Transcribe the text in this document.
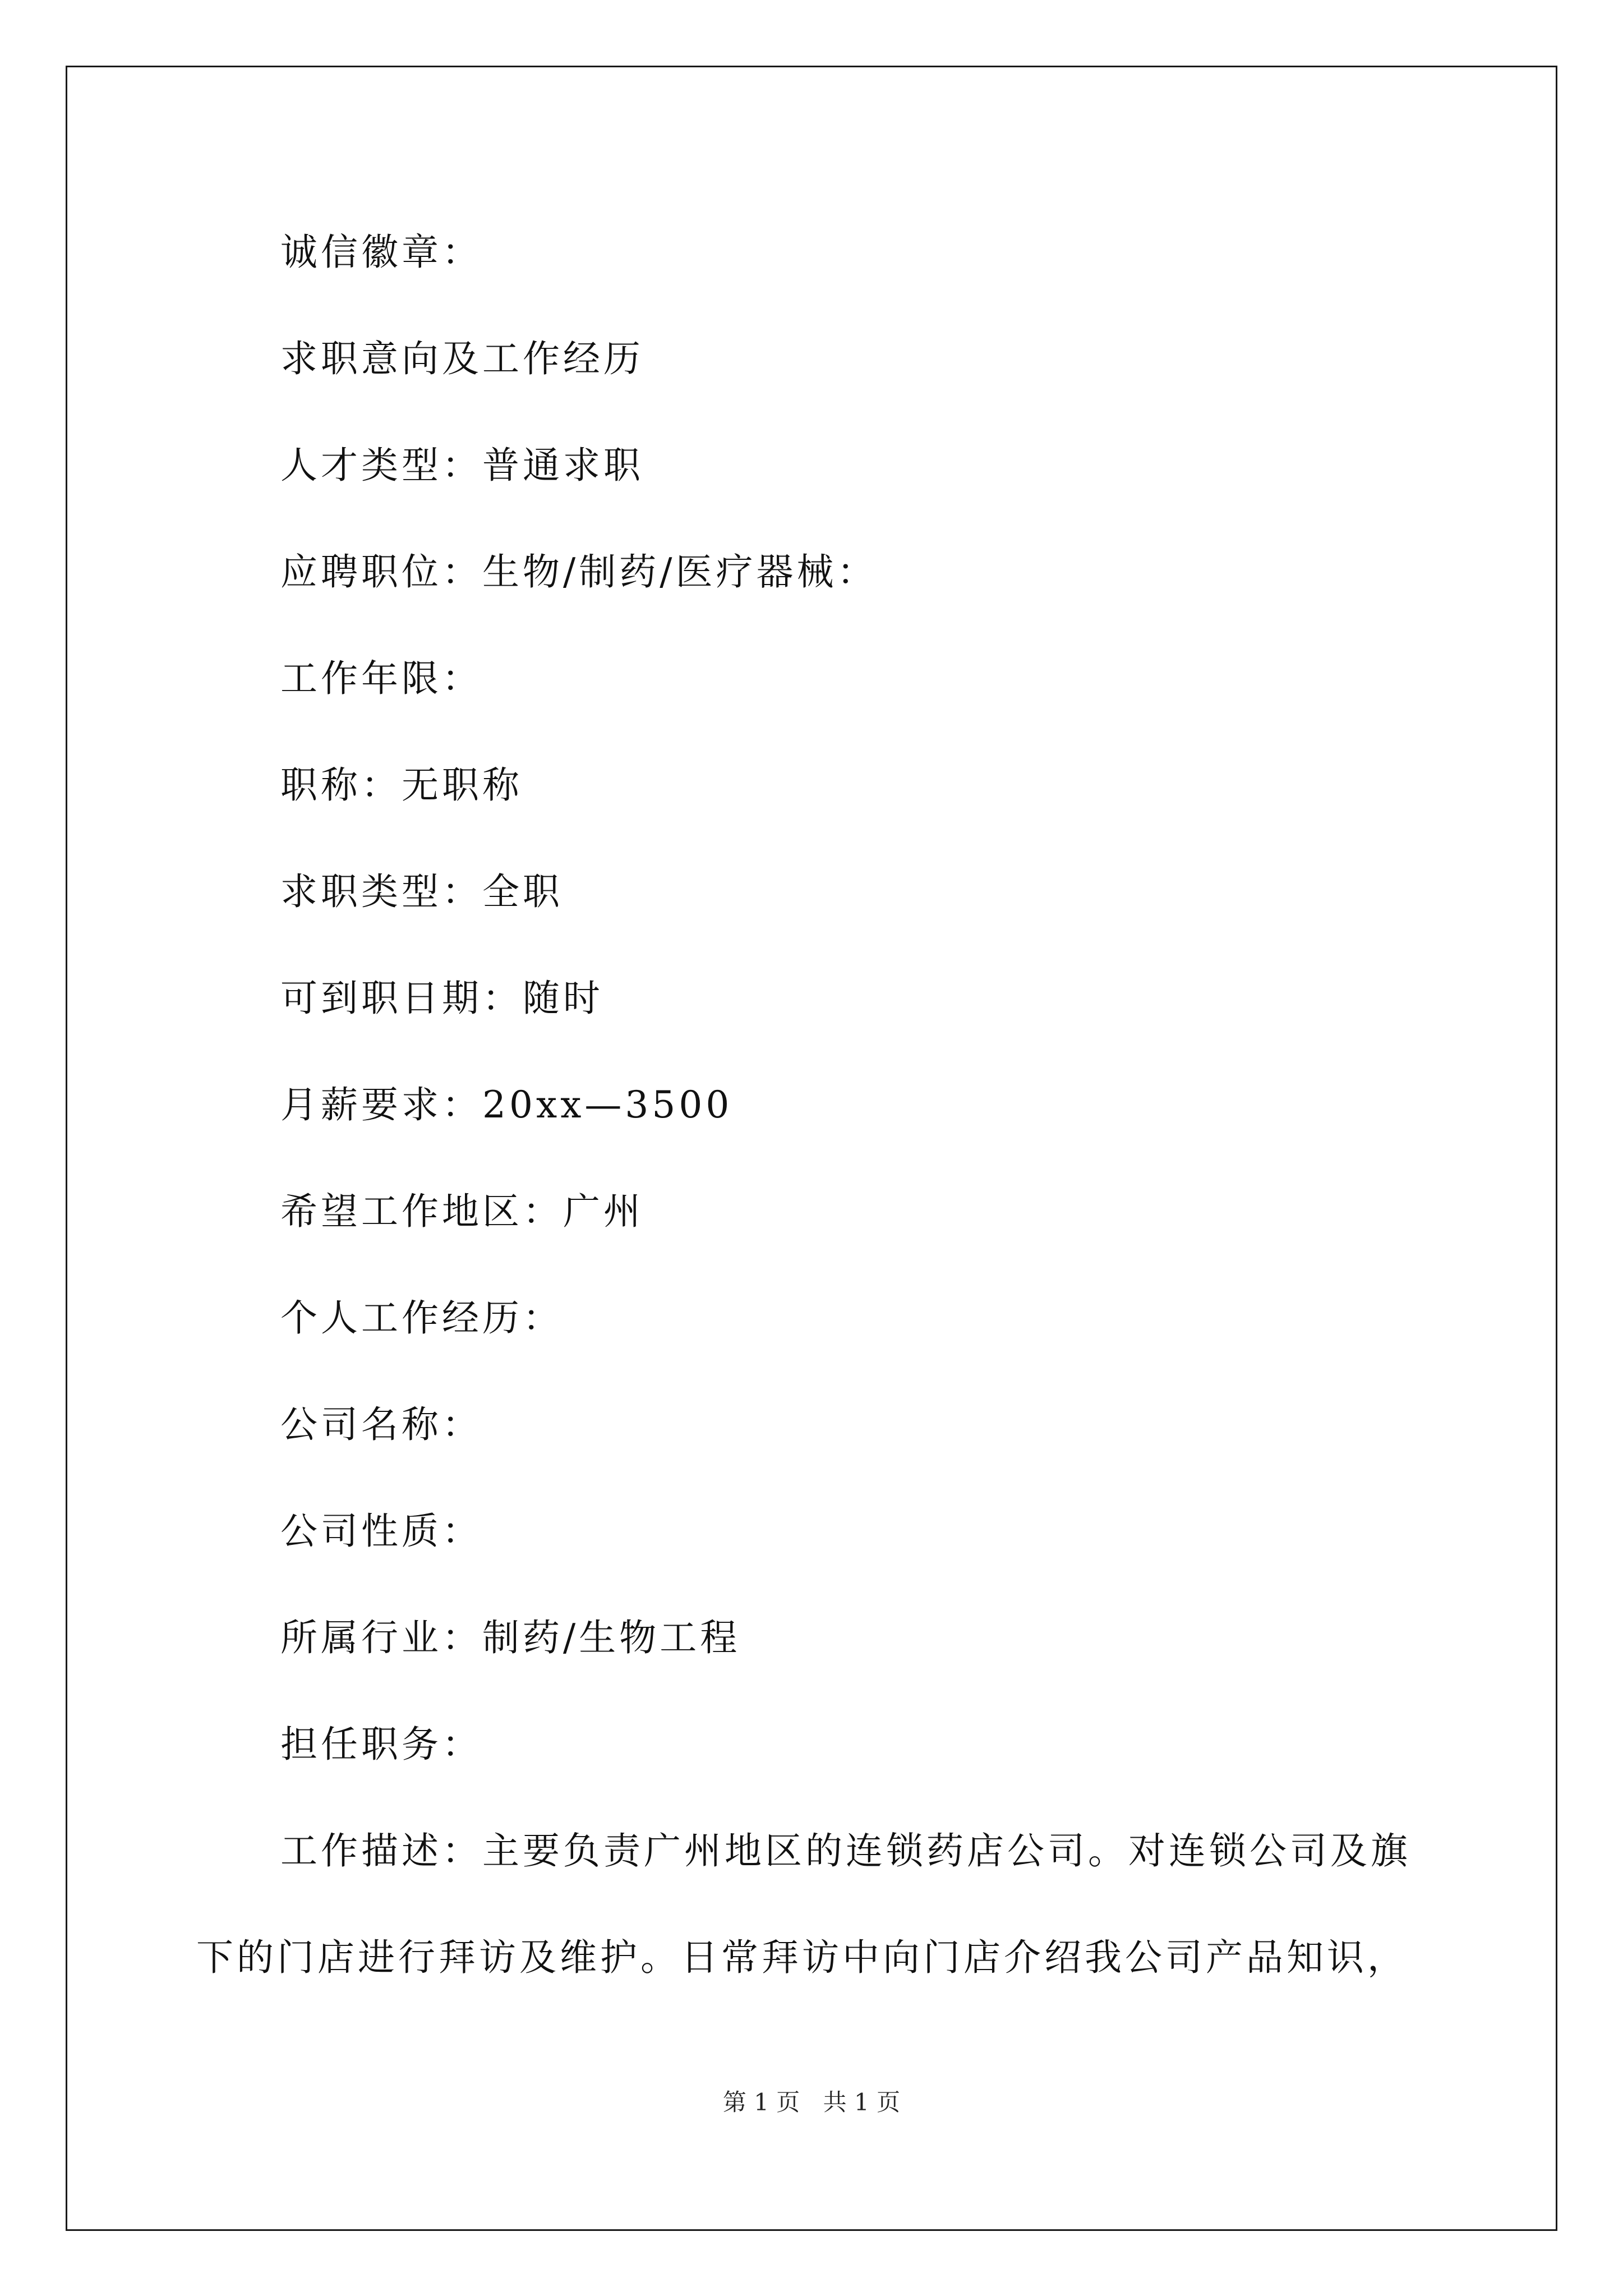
诚信徽章：
求职意向及工作经历
人才类型：普通求职
应聘职位：生物/制药/医疗器械：
工作年限：
职称：无职称
求职类型：全职
可到职日期：随时
月薪要求：20xx—3500
希望工作地区：广州
个人工作经历：
公司名称：
公司性质：
所属行业：制药/生物工程
担任职务：
工作描述：主要负责广州地区的连锁药店公司。对连锁公司及旗
下的门店进行拜访及维护。日常拜访中向门店介绍我公司产品知识，
第 1 页 共 1 页
